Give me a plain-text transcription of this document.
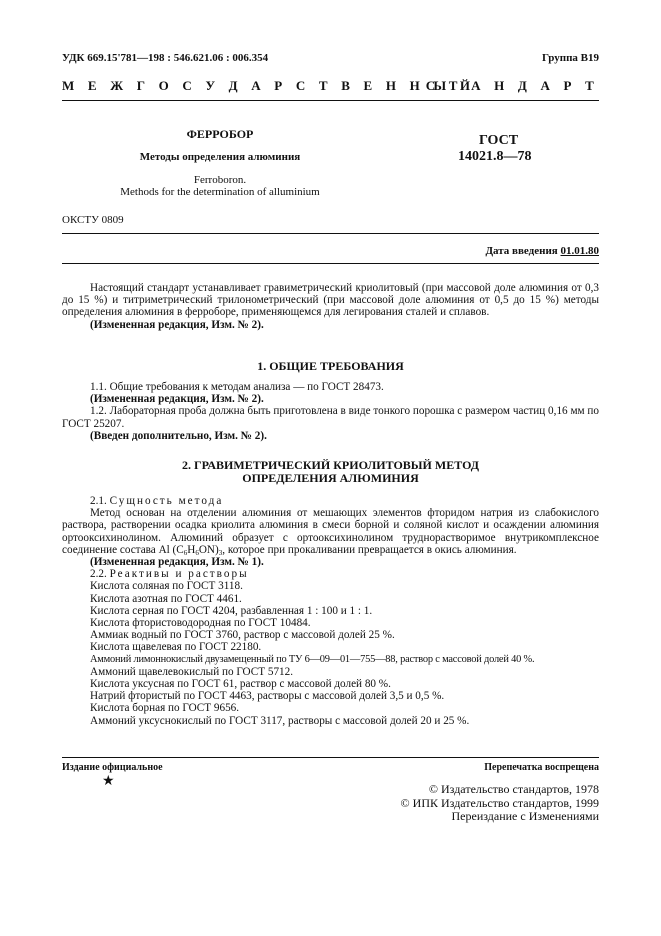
УДК 669.15'781—198 : 546.621.06 : 006.354	Группа В19
М Е Ж Г О С У Д А Р С Т В Е Н Н Ы Й
С Т А Н Д А Р Т
ФЕРРОБОР
Методы определения алюминия
Ferroboron.
Methods for the determination of alluminium
ГОСТ
14021.8—78
ОКСТУ 0809
Дата введения 01.01.80

Настоящий стандарт устанавливает гравиметрический криолитовый (при массовой доле алюминия от 0,3 до 15 %) и титриметрический трилонометрический (при массовой доле алюминия от 0,5 до 15 %) методы определения алюминия в ферроборе, применяющемся для легирования сталей и сплавов.

(Измененная редакция, Изм. № 2).

1. ОБЩИЕ ТРЕБОВАНИЯ

1.1. Общие требования к методам анализа — по ГОСТ 28473.

(Измененная редакция, Изм. № 2).

1.2. Лабораторная проба должна быть приготовлена в виде тонкого порошка с размером частиц 0,16 мм по ГОСТ 25207.

(Введен дополнительно, Изм. № 2).

2. ГРАВИМЕТРИЧЕСКИЙ КРИОЛИТОВЫЙ МЕТОД
ОПРЕДЕЛЕНИЯ АЛЮМИНИЯ

2.1. Сущность метода

Метод основан на отделении алюминия от мешающих элементов фторидом натрия из слабокислого раствора, растворении осадка криолита алюминия в смеси борной и соляной кислот и осаждении алюминия ортооксихинолином. Алюминий образует с ортооксихинолином труднорастворимое внутрикомплексное соединение состава Al $(C_6H_6ON)_3$, которое при прокаливании превращается в окись алюминия.

(Измененная редакция, Изм. № 1).

2.2. Реактивы и растворы

Кислота соляная по ГОСТ 3118.

Кислота азотная по ГОСТ 4461.

Кислота серная по ГОСТ 4204, разбавленная 1 : 100 и 1 : 1.

Кислота фтористоводородная по ГОСТ 10484.

Аммиак водный по ГОСТ 3760, раствор с массовой долей 25 %.

Кислота щавелевая по ГОСТ 22180.

Аммоний лимоннокислый двузамещенный по ТУ 6—09—01—755—88, раствор с массовой долей 40 %.

Аммоний щавелевокислый по ГОСТ 5712.

Кислота уксусная по ГОСТ 61, раствор с массовой долей 80 %.

Натрий фтористый по ГОСТ 4463, растворы с массовой долей 3,5 и 0,5 %.

Кислота борная по ГОСТ 9656.

Аммоний уксуснокислый по ГОСТ 3117, растворы с массовой долей 20 и 25 %.

Издание официальное
★
Перепечатка воспрещена
© Издательство стандартов, 1978
© ИПК Издательство стандартов, 1999
Переиздание с Изменениями
